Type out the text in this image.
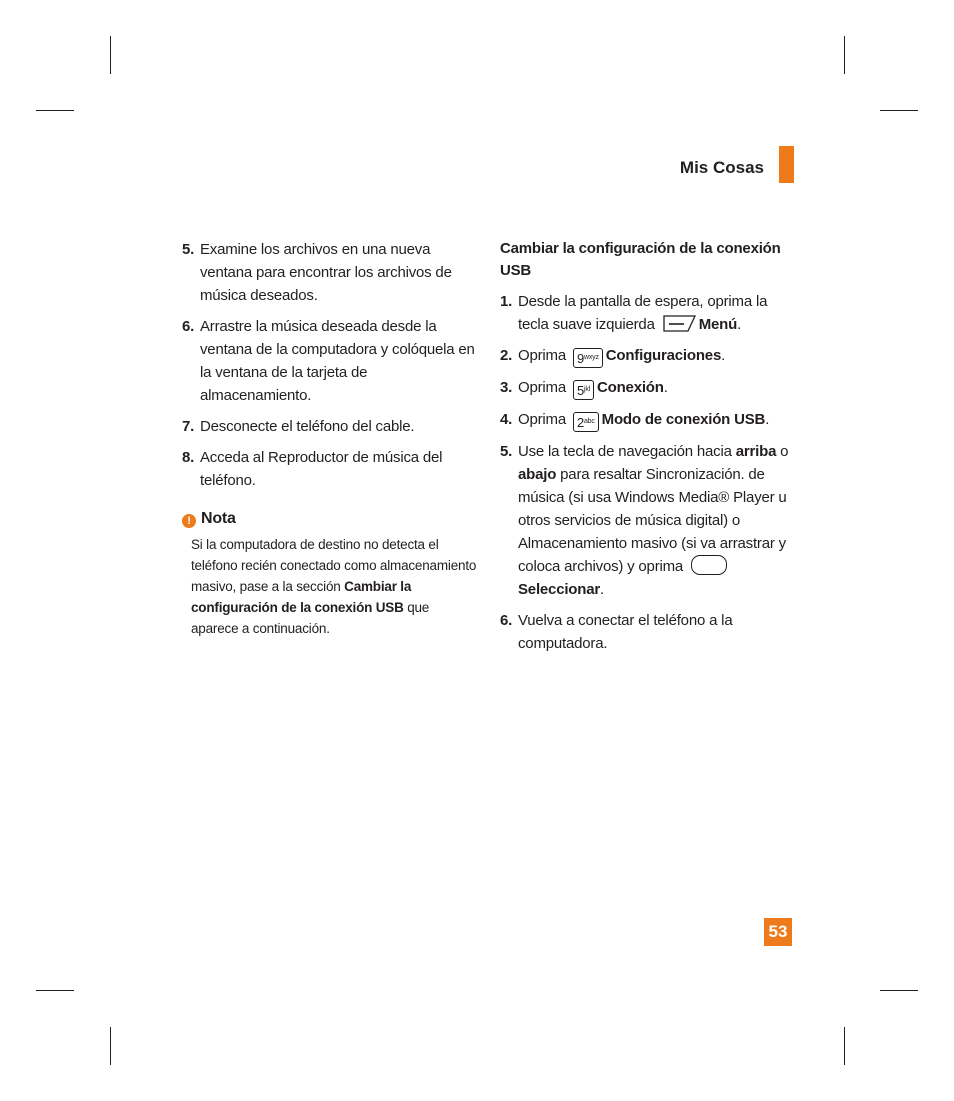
Mis Cosas
5. Examine los archivos en una nueva ventana para encontrar los archivos de música deseados.
6. Arrastre la música deseada desde la ventana de la computadora y colóquela en la ventana de la tarjeta de almacenamiento.
7. Desconecte el teléfono del cable.
8. Acceda al Reproductor de música del teléfono.
! Nota
Si la computadora de destino no detecta el teléfono recién conectado como almacenamiento masivo, pase a la sección Cambiar la configuración de la conexión USB que aparece a continuación.
Cambiar la configuración de la conexión USB
1. Desde la pantalla de espera, oprima la tecla suave izquierda	Menú.
2. Oprima $9_{wxyz}$ Configuraciones.
3. Oprima $5_{jkl}$ Conexión.
4. Oprima $2_{abc}$ Modo de conexión USB.
5. Use la tecla de navegación hacia arriba o abajo para resaltar Sincronización. de música (si usa Windows Media® Player u otros servicios de música digital) o Almacenamiento masivo (si va arrastrar y coloca archivos) y oprima  Seleccionar.
6. Vuelva a conectar el teléfono a la computadora.
53
